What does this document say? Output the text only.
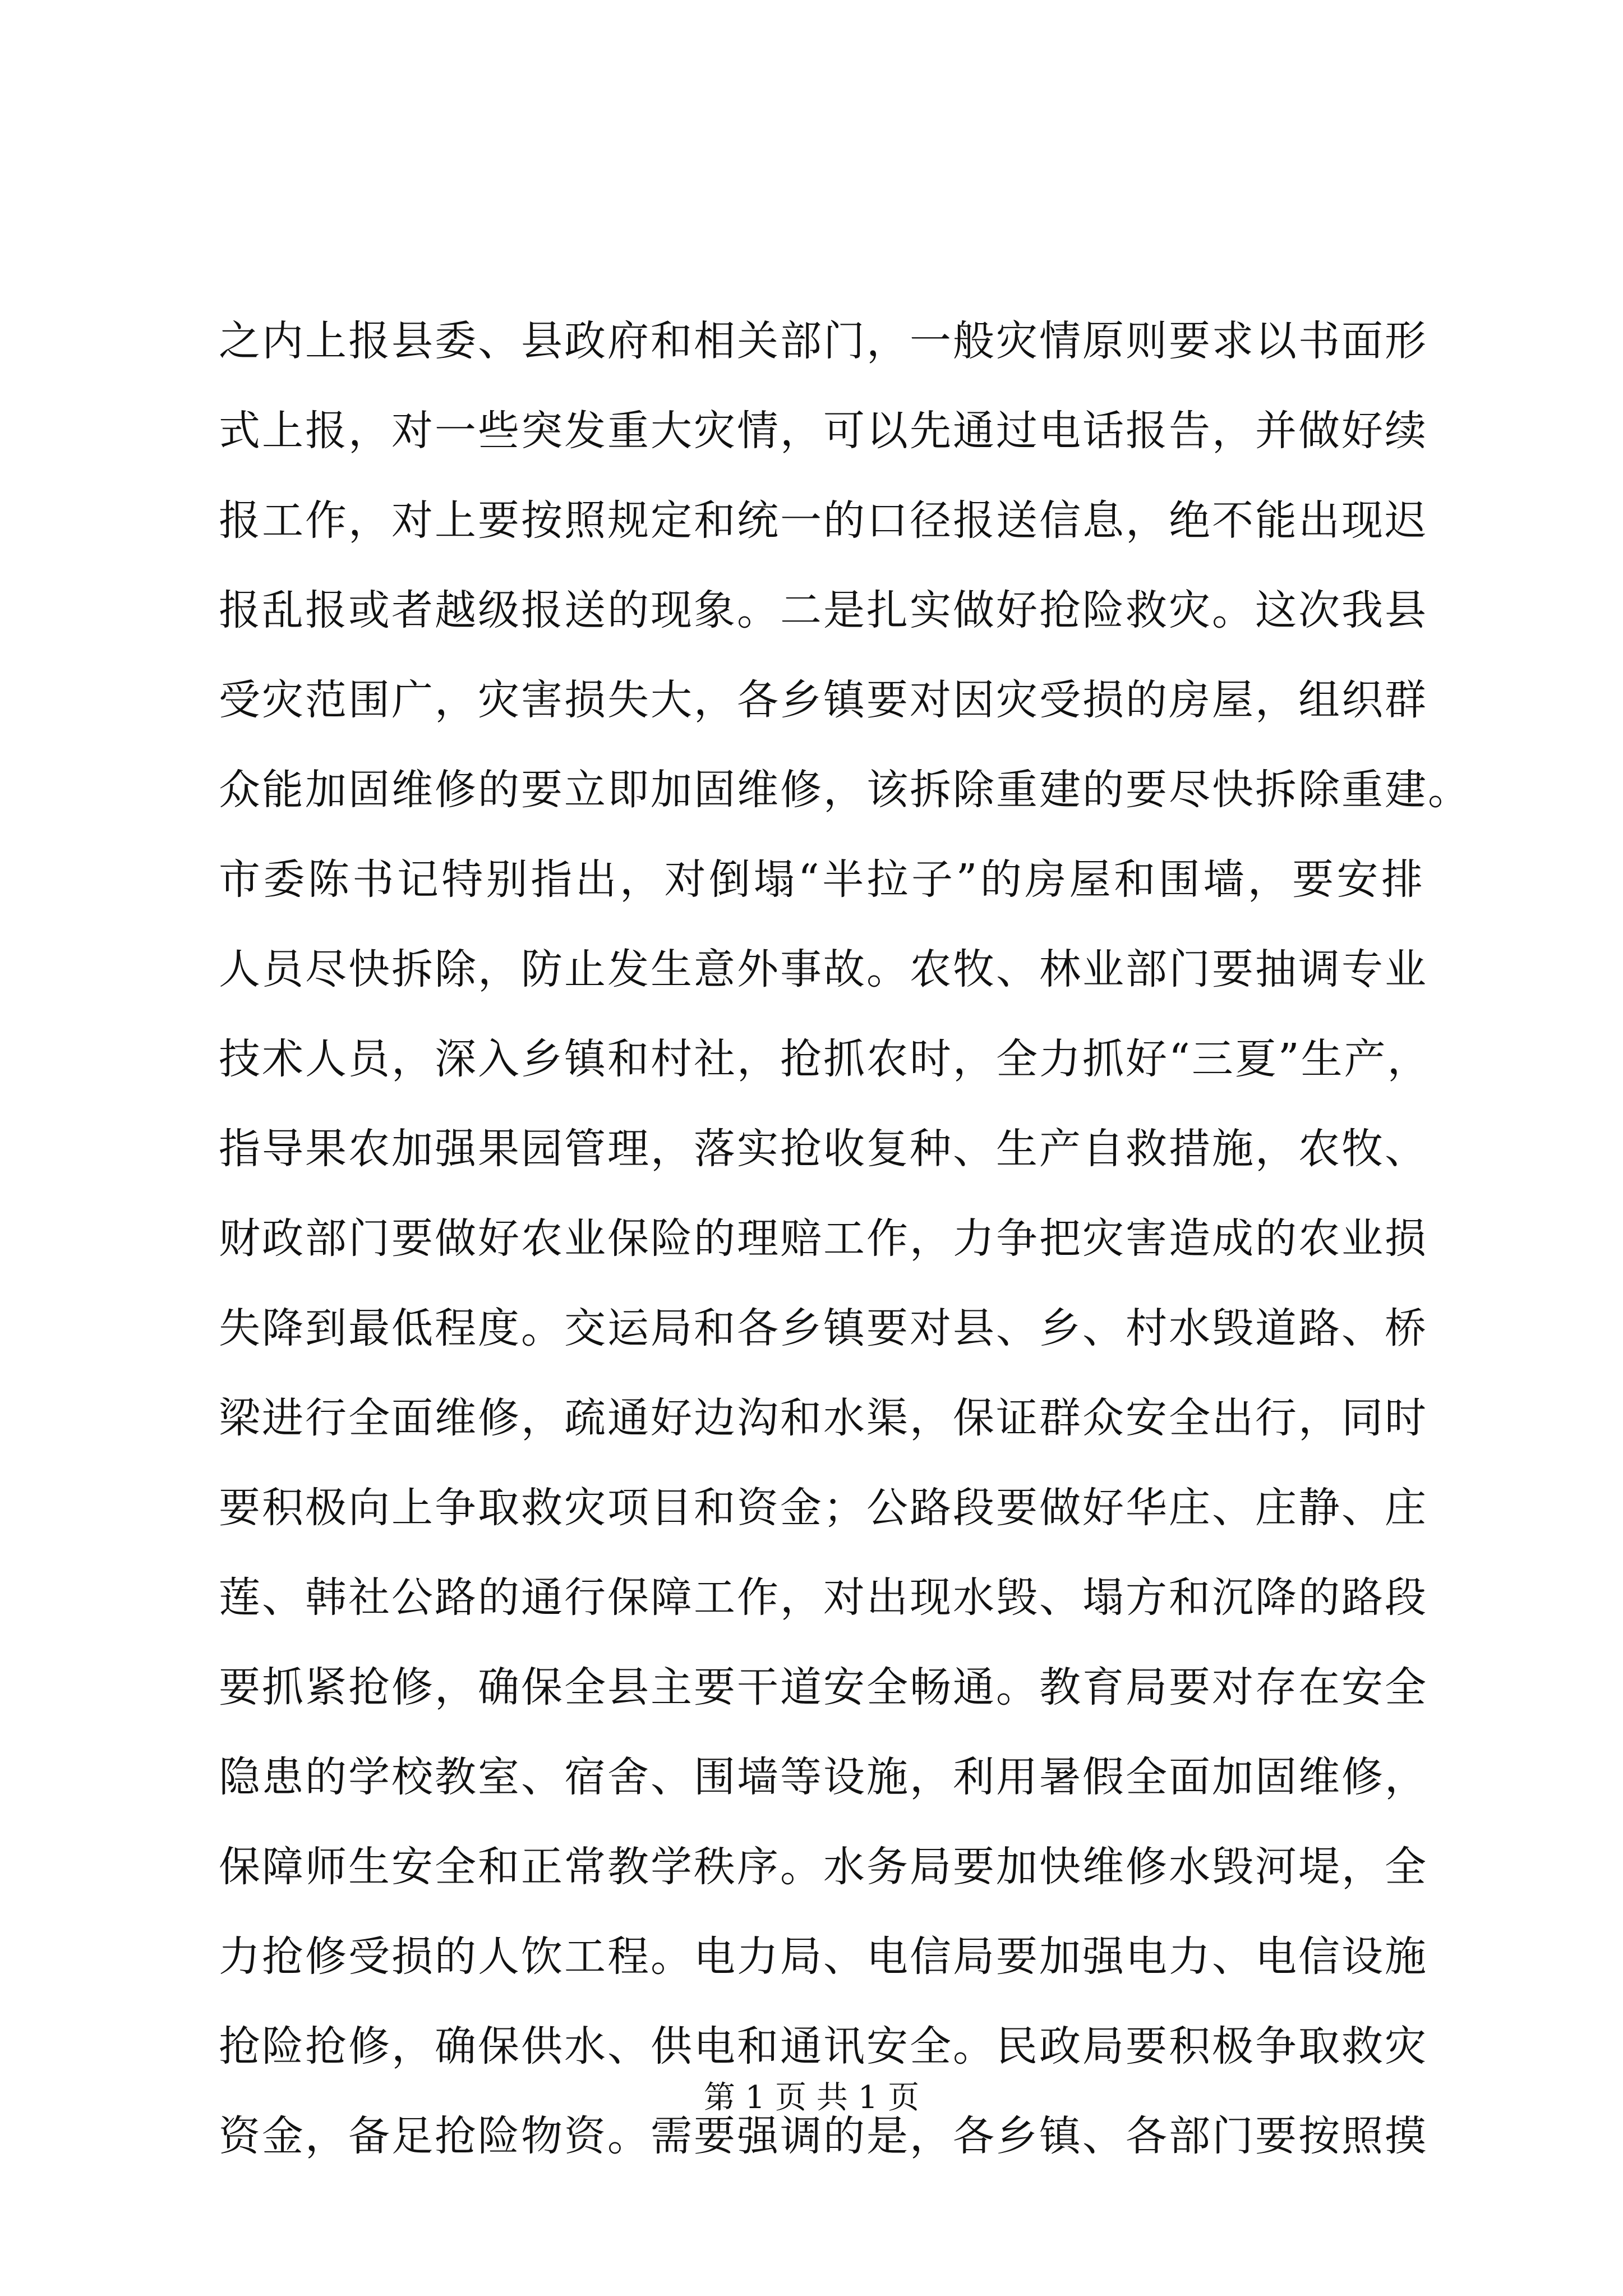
之内上报县委、县政府和相关部门，一般灾情原则要求以书面形
式上报，对一些突发重大灾情，可以先通过电话报告，并做好续
报工作，对上要按照规定和统一的口径报送信息，绝不能出现迟
报乱报或者越级报送的现象。二是扎实做好抢险救灾。这次我县
受灾范围广，灾害损失大，各乡镇要对因灾受损的房屋，组织群
众能加固维修的要立即加固维修，该拆除重建的要尽快拆除重建。
市委陈书记特别指出，对倒塌“半拉子”的房屋和围墙，要安排
人员尽快拆除，防止发生意外事故。农牧、林业部门要抽调专业
技术人员，深入乡镇和村社，抢抓农时，全力抓好“三夏”生产，
指导果农加强果园管理，落实抢收复种、生产自救措施，农牧、
财政部门要做好农业保险的理赔工作，力争把灾害造成的农业损
失降到最低程度。交运局和各乡镇要对县、乡、村水毁道路、桥
梁进行全面维修，疏通好边沟和水渠，保证群众安全出行，同时
要积极向上争取救灾项目和资金；公路段要做好华庄、庄静、庄
莲、韩社公路的通行保障工作，对出现水毁、塌方和沉降的路段
要抓紧抢修，确保全县主要干道安全畅通。教育局要对存在安全
隐患的学校教室、宿舍、围墙等设施，利用暑假全面加固维修，
保障师生安全和正常教学秩序。水务局要加快维修水毁河堤，全
力抢修受损的人饮工程。电力局、电信局要加强电力、电信设施
抢险抢修，确保供水、供电和通讯安全。民政局要积极争取救灾
资金，备足抢险物资。需要强调的是，各乡镇、各部门要按照摸
第 1 页 共 1 页
